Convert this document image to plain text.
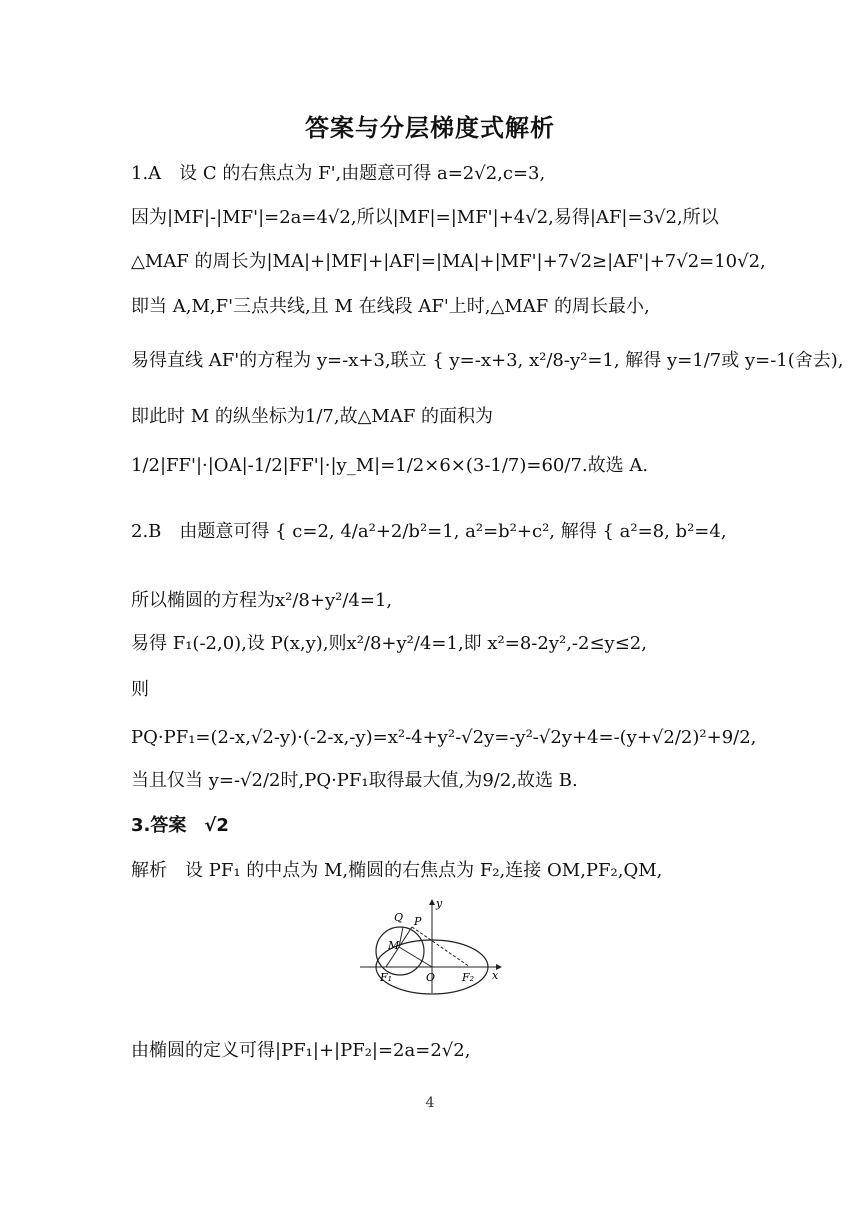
答案与分层梯度式解析
1.A　设 C 的右焦点为 F',由题意可得 a=2√2,c=3,
因为|MF|-|MF'|=2a=4√2,所以|MF|=|MF'|+4√2,易得|AF|=3√2,所以
△MAF 的周长为|MA|+|MF|+|AF|=|MA|+|MF'|+7√2≥|AF'|+7√2=10√2,
即当 A,M,F'三点共线,且 M 在线段 AF'上时,△MAF 的周长最小,
易得直线 AF'的方程为 y=-x+3,联立 { y=-x+3, x²/8-y²=1, 解得 y=1/7或 y=-1(舍去),
即此时 M 的纵坐标为1/7,故△MAF 的面积为
1/2|FF'|·|OA|-1/2|FF'|·|y_M|=1/2×6×(3-1/7)=60/7.故选 A.
2.B　由题意可得 { c=2, 4/a²+2/b²=1, a²=b²+c², 解得 { a²=8, b²=4,
所以椭圆的方程为x²/8+y²/4=1,
易得 F₁(-2,0),设 P(x,y),则x²/8+y²/4=1,即 x²=8-2y²,-2≤y≤2,
则
PQ·PF₁=(2-x,√2-y)·(-2-x,-y)=x²-4+y²-√2y=-y²-√2y+4=-(y+√2/2)²+9/2,
当且仅当 y=-√2/2时,PQ·PF₁取得最大值,为9/2,故选 B.
3.答案　√2
解析　设 PF₁ 的中点为 M,椭圆的右焦点为 F₂,连接 OM,PF₂,QM,
Q
y
P
M
F₁	O F₂ x
由椭圆的定义可得|PF₁|+|PF₂|=2a=2√2,
4
